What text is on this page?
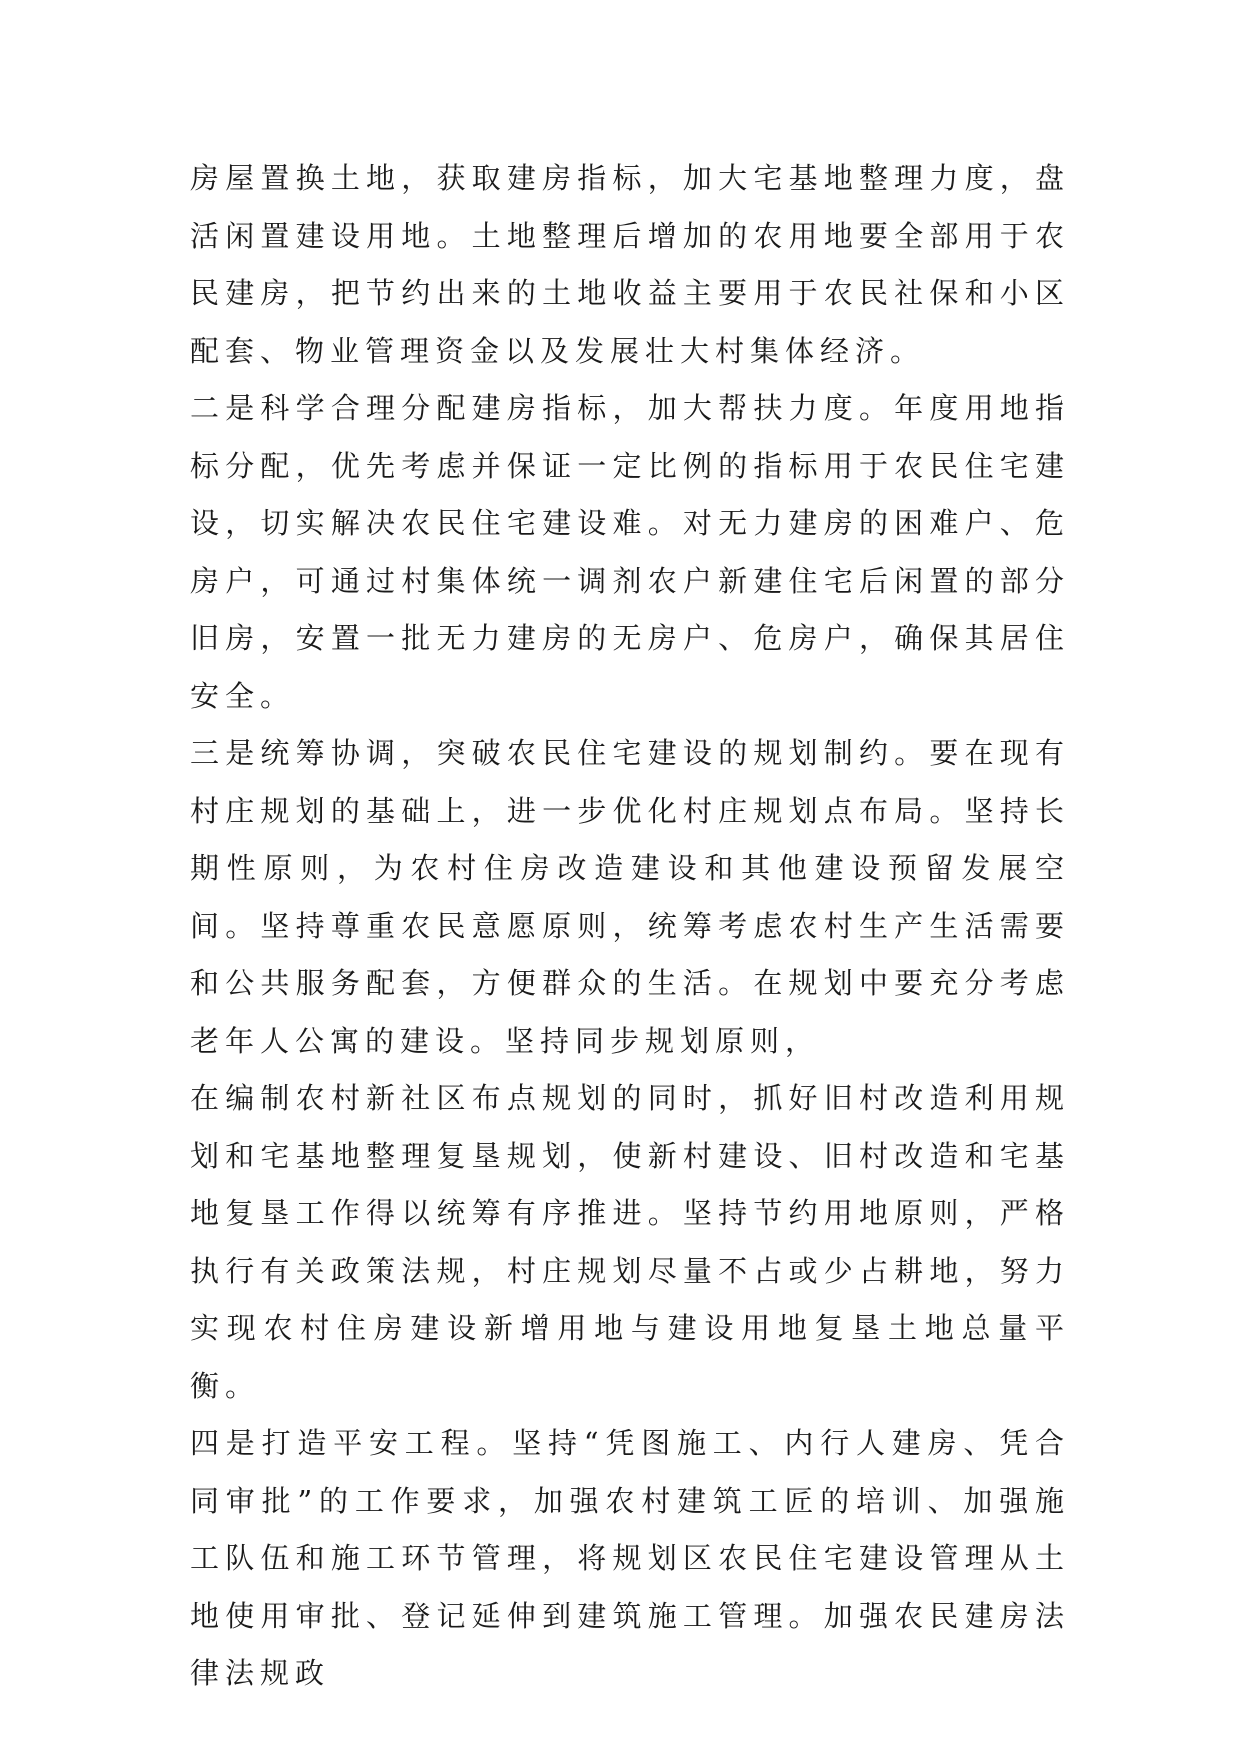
房屋置换土地，获取建房指标，加大宅基地整理力度，盘活闲置建设用地。土地整理后增加的农用地要全部用于农民建房，把节约出来的土地收益主要用于农民社保和小区配套、物业管理资金以及发展壮大村集体经济。

二是科学合理分配建房指标，加大帮扶力度。年度用地指标分配，优先考虑并保证一定比例的指标用于农民住宅建设，切实解决农民住宅建设难。对无力建房的困难户、危房户，可通过村集体统一调剂农户新建住宅后闲置的部分旧房，安置一批无力建房的无房户、危房户，确保其居住安全。

三是统筹协调，突破农民住宅建设的规划制约。要在现有村庄规划的基础上，进一步优化村庄规划点布局。坚持长期性原则，为农村住房改造建设和其他建设预留发展空间。坚持尊重农民意愿原则，统筹考虑农村生产生活需要和公共服务配套，方便群众的生活。在规划中要充分考虑老年人公寓的建设。坚持同步规划原则，

在编制农村新社区布点规划的同时，抓好旧村改造利用规划和宅基地整理复垦规划，使新村建设、旧村改造和宅基地复垦工作得以统筹有序推进。坚持节约用地原则，严格执行有关政策法规，村庄规划尽量不占或少占耕地，努力实现农村住房建设新增用地与建设用地复垦土地总量平衡。

四是打造平安工程。坚持“凭图施工、内行人建房、凭合同审批”的工作要求，加强农村建筑工匠的培训、加强施工队伍和施工环节管理，将规划区农民住宅建设管理从土地使用审批、登记延伸到建筑施工管理。加强农民建房法律法规政
